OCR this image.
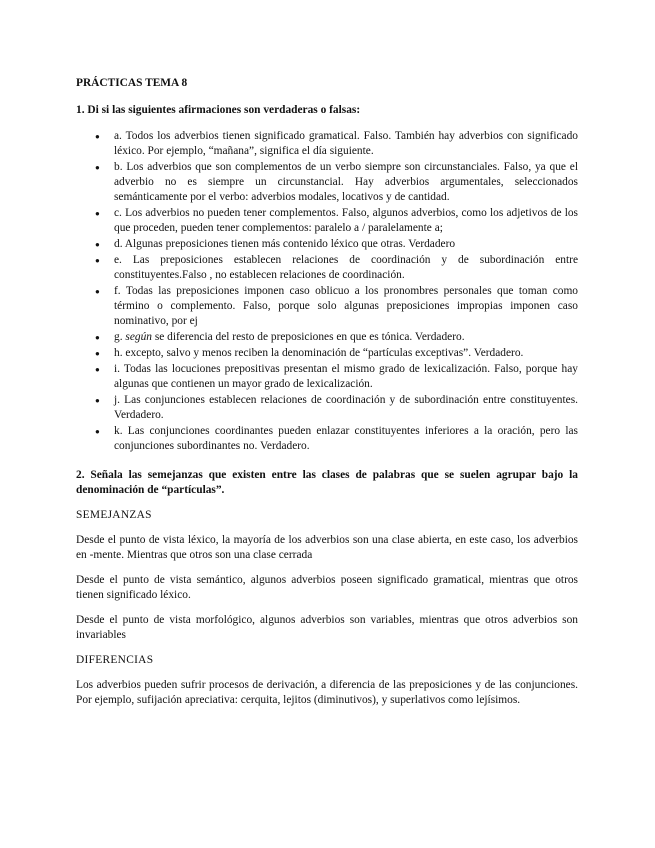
PRÁCTICAS TEMA 8
1. Di si las siguientes afirmaciones son verdaderas o falsas:
● a. Todos los adverbios tienen significado gramatical. Falso. También hay adverbios con significado léxico. Por ejemplo, “mañana”, significa el día siguiente.
● b. Los adverbios que son complementos de un verbo siempre son circunstanciales. Falso, ya que el adverbio no es siempre un circunstancial. Hay adverbios argumentales, seleccionados semánticamente por el verbo: adverbios modales, locativos y de cantidad.
● c. Los adverbios no pueden tener complementos. Falso, algunos adverbios, como los adjetivos de los que proceden, pueden tener complementos: paralelo a / paralelamente a;
● d. Algunas preposiciones tienen más contenido léxico que otras. Verdadero
● e. Las preposiciones establecen relaciones de coordinación y de subordinación entre constituyentes.Falso , no establecen relaciones de coordinación.
● f. Todas las preposiciones imponen caso oblicuo a los pronombres personales que toman como término o complemento. Falso, porque solo algunas preposiciones impropias imponen caso nominativo, por ej
● g. según se diferencia del resto de preposiciones en que es tónica. Verdadero.
● h. excepto, salvo y menos reciben la denominación de “partículas exceptivas”. Verdadero.
● i. Todas las locuciones prepositivas presentan el mismo grado de lexicalización. Falso, porque hay algunas que contienen un mayor grado de lexicalización.
● j. Las conjunciones establecen relaciones de coordinación y de subordinación entre constituyentes. Verdadero.
● k. Las conjunciones coordinantes pueden enlazar constituyentes inferiores a la oración, pero las conjunciones subordinantes no. Verdadero.
2. Señala las semejanzas que existen entre las clases de palabras que se suelen agrupar bajo la denominación de “partículas”.
SEMEJANZAS
Desde el punto de vista léxico, la mayoría de los adverbios son una clase abierta, en este caso, los adverbios en -mente. Mientras que otros son una clase cerrada
Desde el punto de vista semántico, algunos adverbios poseen significado gramatical, mientras que otros tienen significado léxico.
Desde el punto de vista morfológico, algunos adverbios son variables, mientras que otros adverbios son invariables
DIFERENCIAS
Los adverbios pueden sufrir procesos de derivación, a diferencia de las preposiciones y de las conjunciones. Por ejemplo, sufijación apreciativa: cerquita, lejitos (diminutivos), y superlativos como lejísimos.
